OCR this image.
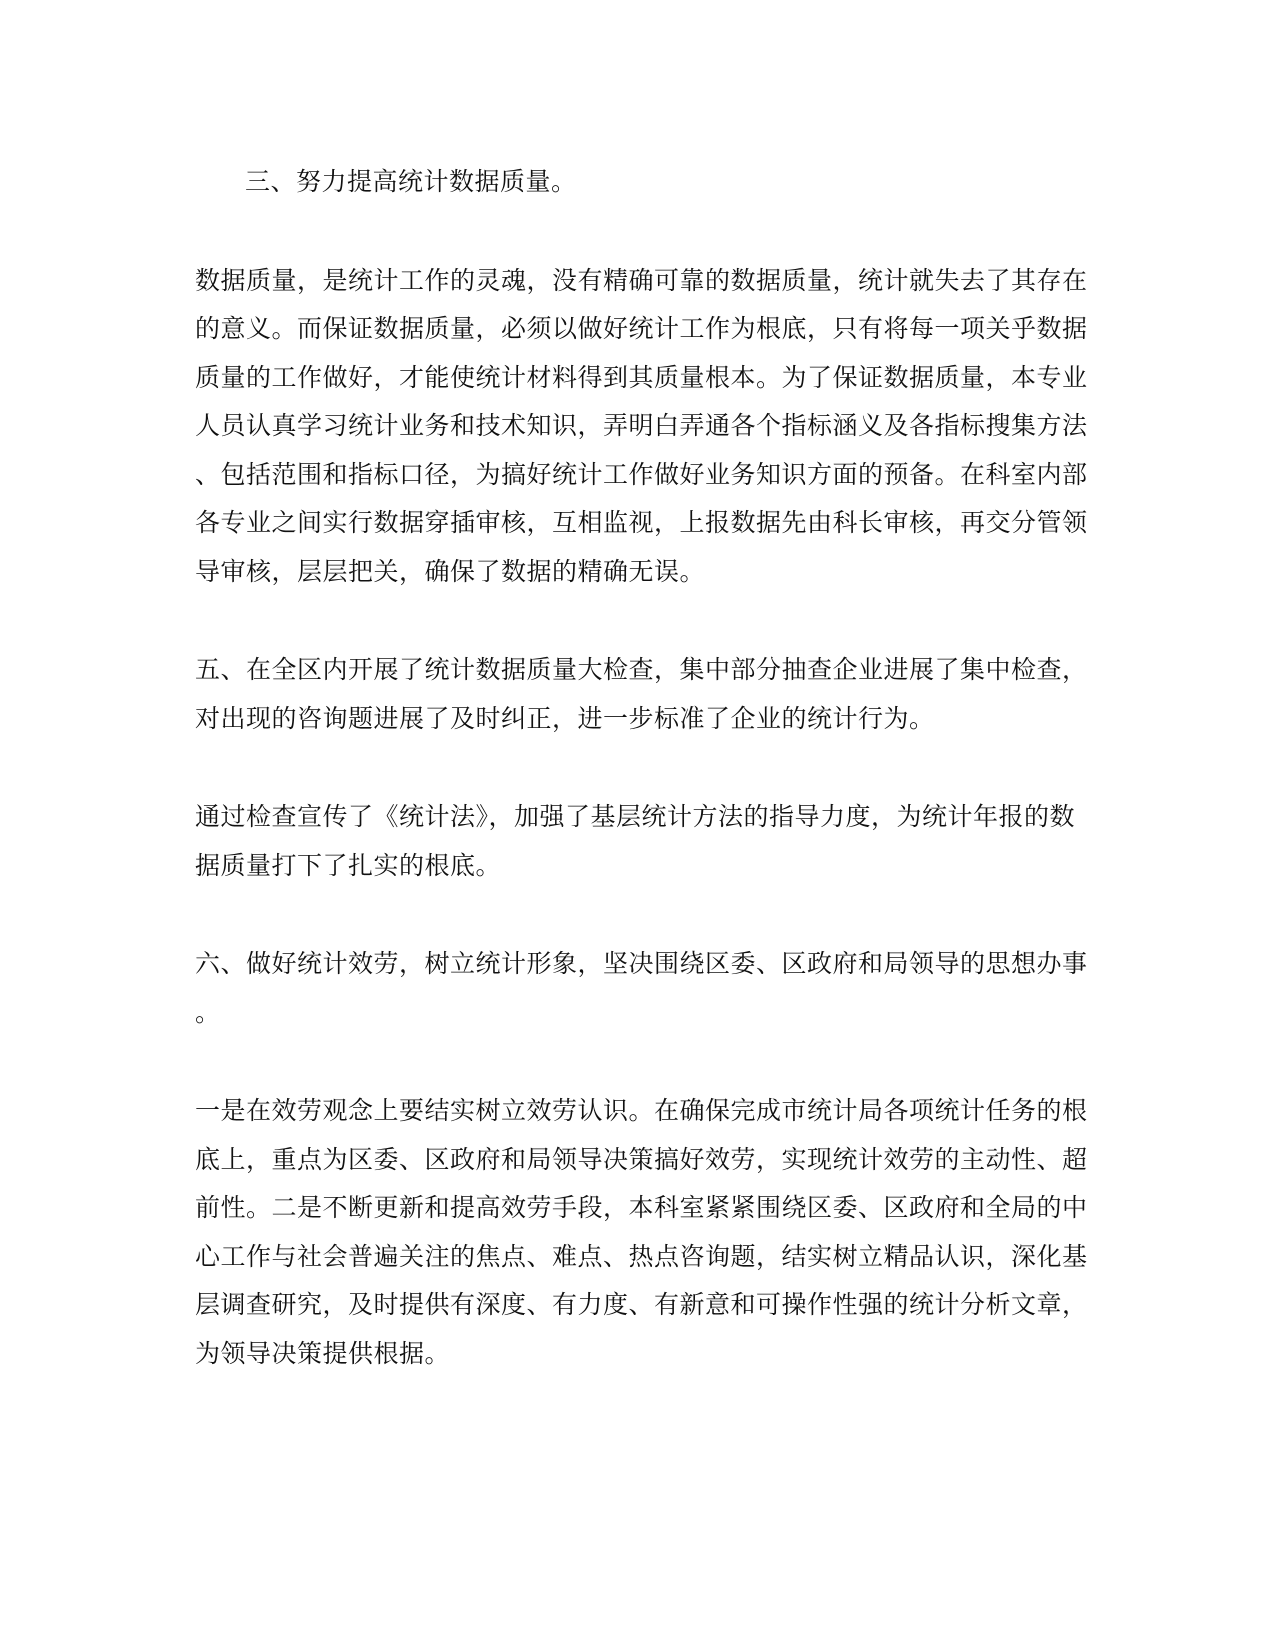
三、努力提高统计数据质量。

数据质量，是统计工作的灵魂，没有精确可靠的数据质量，统计就失去了其存在
的意义。而保证数据质量，必须以做好统计工作为根底，只有将每一项关乎数据
质量的工作做好，才能使统计材料得到其质量根本。为了保证数据质量，本专业
人员认真学习统计业务和技术知识，弄明白弄通各个指标涵义及各指标搜集方法
、包括范围和指标口径，为搞好统计工作做好业务知识方面的预备。在科室内部
各专业之间实行数据穿插审核，互相监视，上报数据先由科长审核，再交分管领
导审核，层层把关，确保了数据的精确无误。

五、在全区内开展了统计数据质量大检查，集中部分抽查企业进展了集中检查，
对出现的咨询题进展了及时纠正，进一步标准了企业的统计行为。

通过检查宣传了《统计法》，加强了基层统计方法的指导力度，为统计年报的数
据质量打下了扎实的根底。

六、做好统计效劳，树立统计形象，坚决围绕区委、区政府和局领导的思想办事
。

一是在效劳观念上要结实树立效劳认识。在确保完成市统计局各项统计任务的根
底上，重点为区委、区政府和局领导决策搞好效劳，实现统计效劳的主动性、超
前性。二是不断更新和提高效劳手段，本科室紧紧围绕区委、区政府和全局的中
心工作与社会普遍关注的焦点、难点、热点咨询题，结实树立精品认识，深化基
层调查研究，及时提供有深度、有力度、有新意和可操作性强的统计分析文章，
为领导决策提供根据。
